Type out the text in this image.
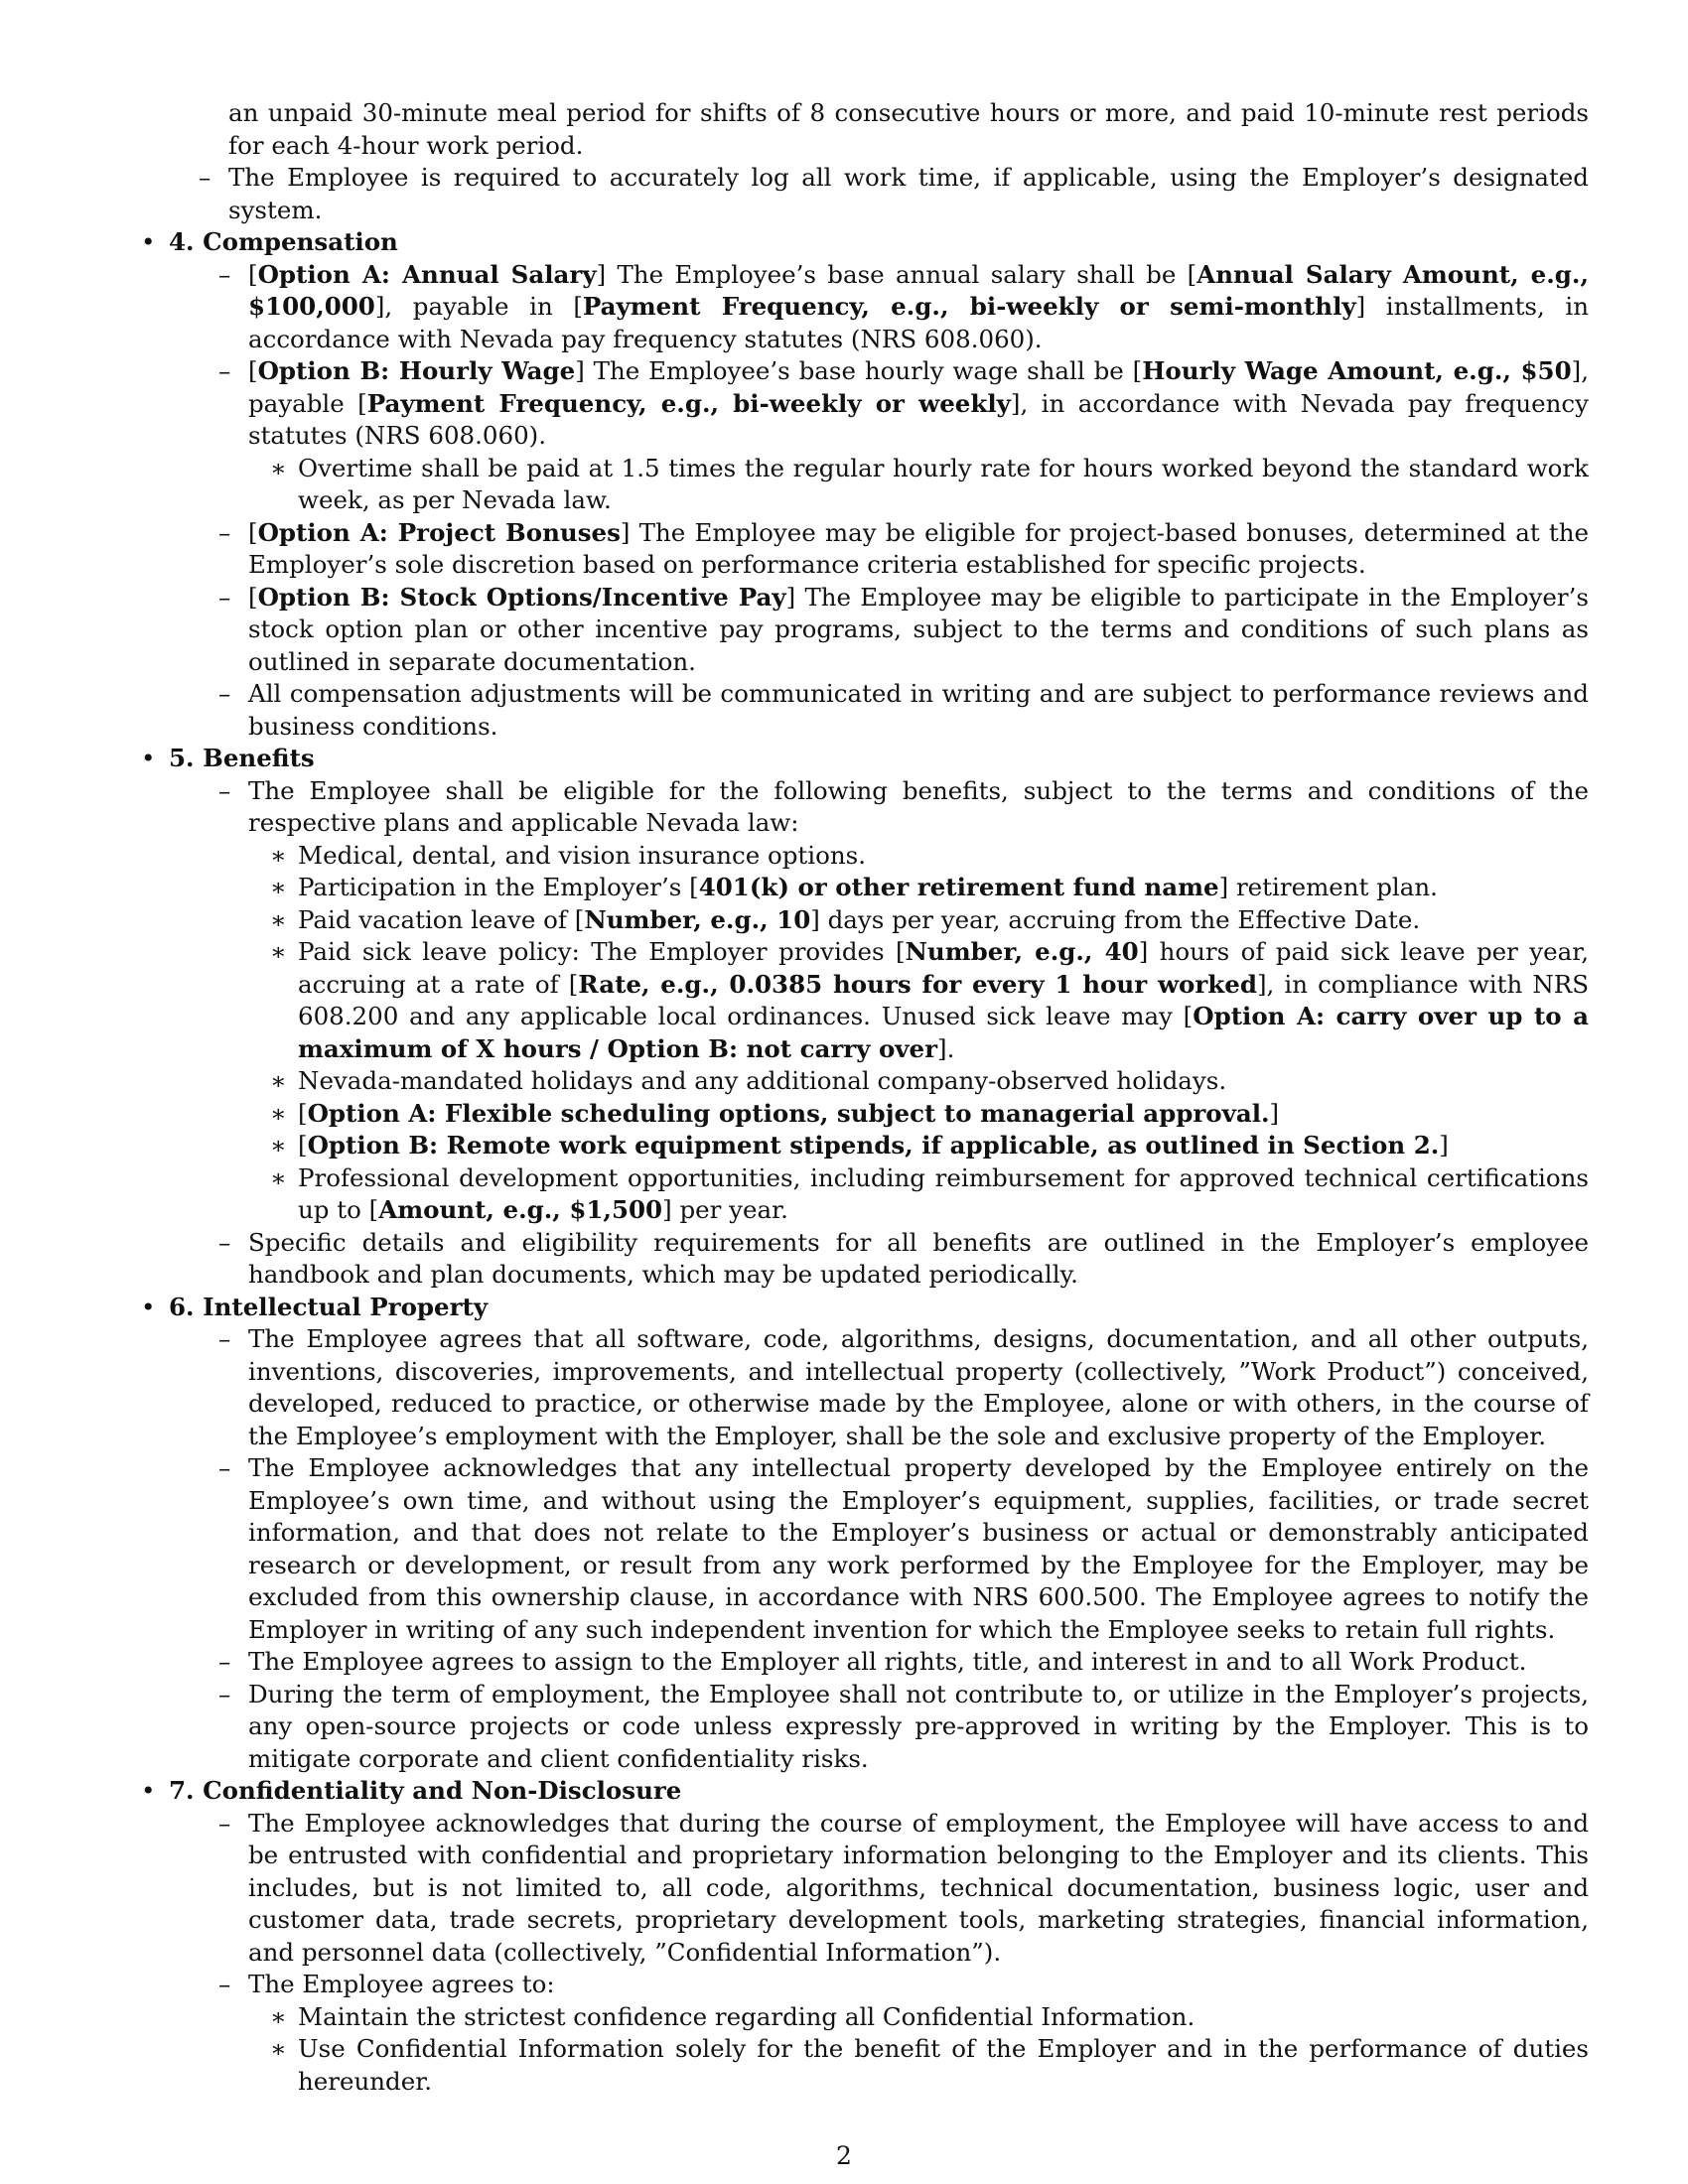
an unpaid 30-minute meal period for shifts of 8 consecutive hours or more, and paid 10-minute rest periods for each 4-hour work period.
– The Employee is required to accurately log all work time, if applicable, using the Employer’s designated system.
• 4. Compensation
– [Option A: Annual Salary] The Employee’s base annual salary shall be [Annual Salary Amount, e.g., $100,000], payable in [Payment Frequency, e.g., bi-weekly or semi-monthly] installments, in accordance with Nevada pay frequency statutes (NRS 608.060).
– [Option B: Hourly Wage] The Employee’s base hourly wage shall be [Hourly Wage Amount, e.g., $50], payable [Payment Frequency, e.g., bi-weekly or weekly], in accordance with Nevada pay frequency statutes (NRS 608.060).
∗ Overtime shall be paid at 1.5 times the regular hourly rate for hours worked beyond the standard work week, as per Nevada law.
– [Option A: Project Bonuses] The Employee may be eligible for project-based bonuses, determined at the Employer’s sole discretion based on performance criteria established for specific projects.
– [Option B: Stock Options/Incentive Pay] The Employee may be eligible to participate in the Employer’s stock option plan or other incentive pay programs, subject to the terms and conditions of such plans as outlined in separate documentation.
– All compensation adjustments will be communicated in writing and are subject to performance reviews and business conditions.
• 5. Benefits
– The Employee shall be eligible for the following benefits, subject to the terms and conditions of the respective plans and applicable Nevada law:
∗ Medical, dental, and vision insurance options.
∗ Participation in the Employer’s [401(k) or other retirement fund name] retirement plan.
∗ Paid vacation leave of [Number, e.g., 10] days per year, accruing from the Effective Date.
∗ Paid sick leave policy: The Employer provides [Number, e.g., 40] hours of paid sick leave per year, accruing at a rate of [Rate, e.g., 0.0385 hours for every 1 hour worked], in compliance with NRS 608.200 and any applicable local ordinances. Unused sick leave may [Option A: carry over up to a maximum of X hours / Option B: not carry over].
∗ Nevada-mandated holidays and any additional company-observed holidays.
∗ [Option A: Flexible scheduling options, subject to managerial approval.]
∗ [Option B: Remote work equipment stipends, if applicable, as outlined in Section 2.]
∗ Professional development opportunities, including reimbursement for approved technical certifications up to [Amount, e.g., $1,500] per year.
– Specific details and eligibility requirements for all benefits are outlined in the Employer’s employee handbook and plan documents, which may be updated periodically.
• 6. Intellectual Property
– The Employee agrees that all software, code, algorithms, designs, documentation, and all other outputs, inventions, discoveries, improvements, and intellectual property (collectively, ”Work Product”) conceived, developed, reduced to practice, or otherwise made by the Employee, alone or with others, in the course of the Employee’s employment with the Employer, shall be the sole and exclusive property of the Employer.
– The Employee acknowledges that any intellectual property developed by the Employee entirely on the Employee’s own time, and without using the Employer’s equipment, supplies, facilities, or trade secret information, and that does not relate to the Employer’s business or actual or demonstrably anticipated research or development, or result from any work performed by the Employee for the Employer, may be excluded from this ownership clause, in accordance with NRS 600.500. The Employee agrees to notify the Employer in writing of any such independent invention for which the Employee seeks to retain full rights.
– The Employee agrees to assign to the Employer all rights, title, and interest in and to all Work Product.
– During the term of employment, the Employee shall not contribute to, or utilize in the Employer’s projects, any open-source projects or code unless expressly pre-approved in writing by the Employer. This is to mitigate corporate and client confidentiality risks.
• 7. Confidentiality and Non-Disclosure
– The Employee acknowledges that during the course of employment, the Employee will have access to and be entrusted with confidential and proprietary information belonging to the Employer and its clients. This includes, but is not limited to, all code, algorithms, technical documentation, business logic, user and customer data, trade secrets, proprietary development tools, marketing strategies, financial information, and personnel data (collectively, ”Confidential Information”).
– The Employee agrees to:
∗ Maintain the strictest confidence regarding all Confidential Information.
∗ Use Confidential Information solely for the benefit of the Employer and in the performance of duties hereunder.
2
